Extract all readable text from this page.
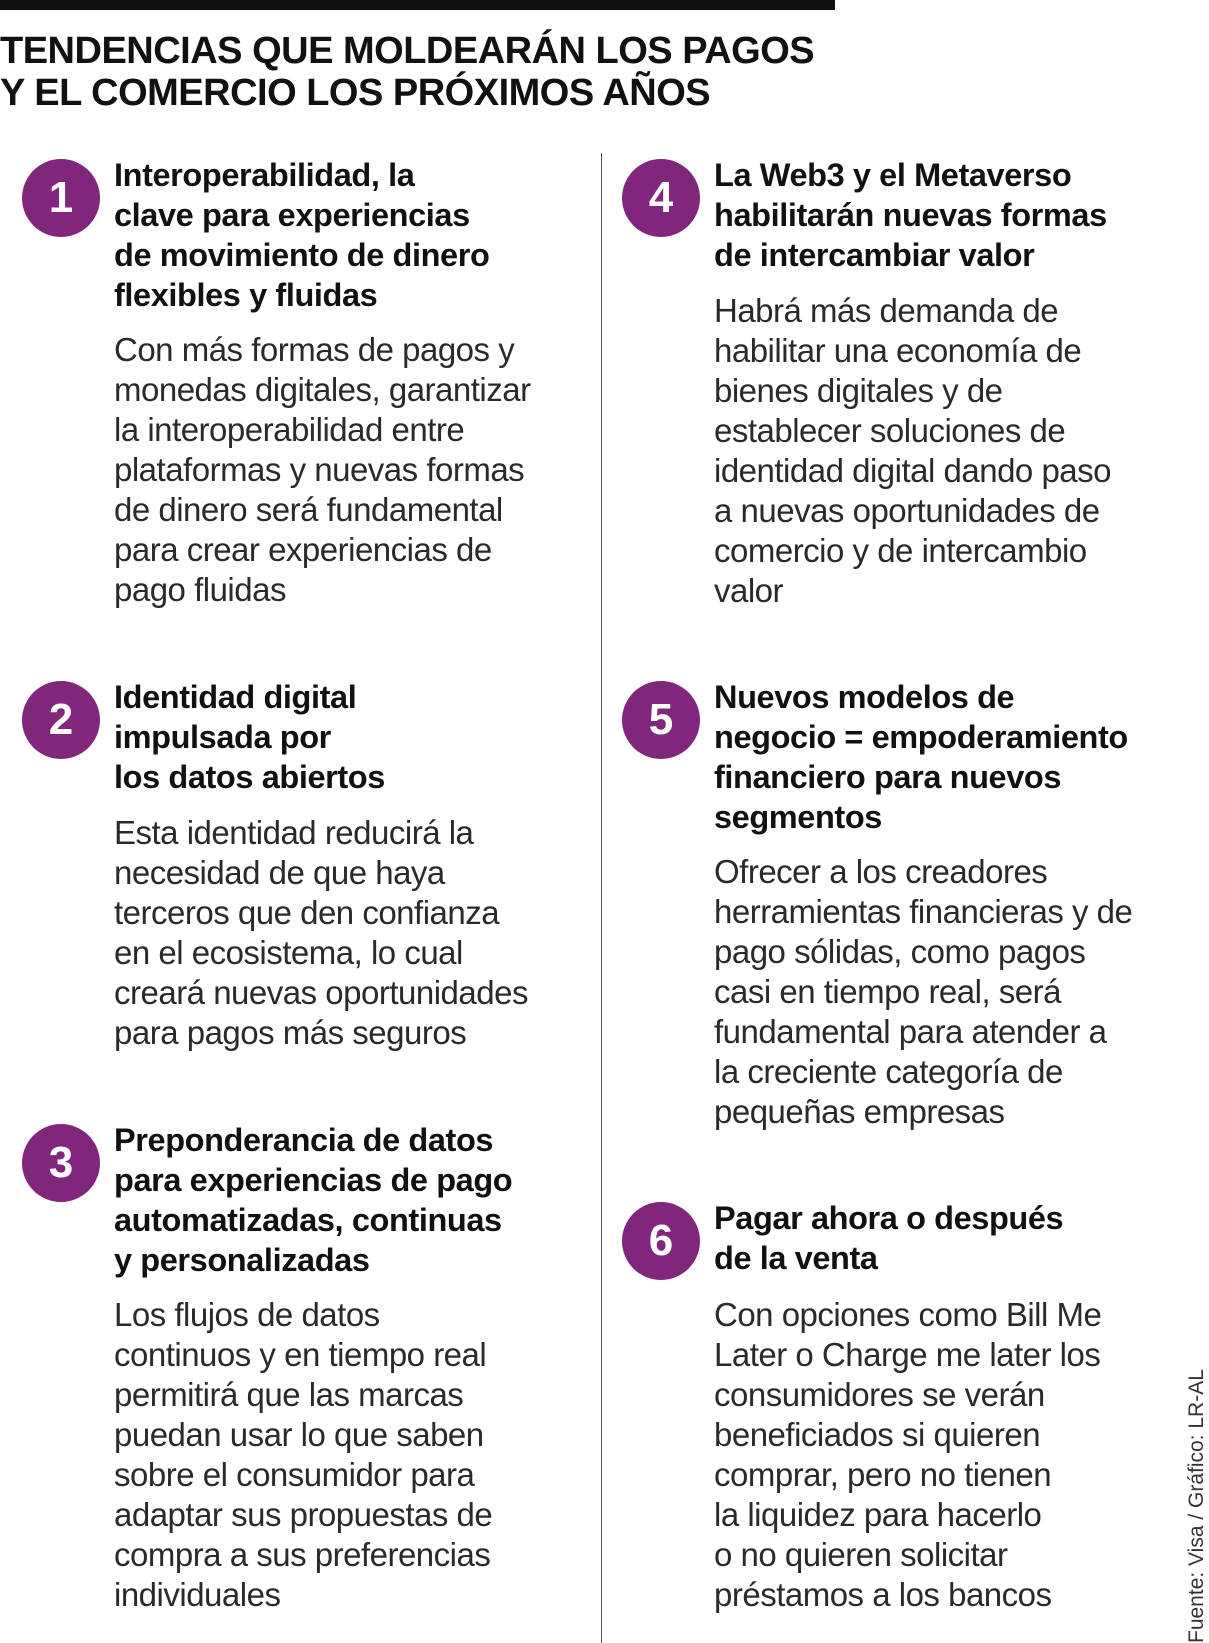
TENDENCIAS QUE MOLDEARÁN LOS PAGOS
Y EL COMERCIO LOS PRÓXIMOS AÑOS
1	Interoperabilidad, la
clave para experiencias
de movimiento de dinero
flexibles y fluidas

Con más formas de pagos y
monedas digitales, garantizar
la interoperabilidad entre
plataformas y nuevas formas
de dinero será fundamental
para crear experiencias de
pago fluidas

2	Identidad digital
impulsada por
los datos abiertos

Esta identidad reducirá la
necesidad de que haya
terceros que den confianza
en el ecosistema, lo cual
creará nuevas oportunidades
para pagos más seguros

3	Preponderancia de datos
para experiencias de pago
automatizadas, continuas
y personalizadas

Los flujos de datos
continuos y en tiempo real
permitirá que las marcas
puedan usar lo que saben
sobre el consumidor para
adaptar sus propuestas de
compra a sus preferencias
individuales

4	La Web3 y el Metaverso
habilitarán nuevas formas
de intercambiar valor

Habrá más demanda de
habilitar una economía de
bienes digitales y de
establecer soluciones de
identidad digital dando paso
a nuevas oportunidades de
comercio y de intercambio
valor

5	Nuevos modelos de
negocio = empoderamiento
financiero para nuevos
segmentos

Ofrecer a los creadores
herramientas financieras y de
pago sólidas, como pagos
casi en tiempo real, será
fundamental para atender a
la creciente categoría de
pequeñas empresas

6	Pagar ahora o después
de la venta

Con opciones como Bill Me
Later o Charge me later los
consumidores se verán
beneficiados si quieren
comprar, pero no tienen
la liquidez para hacerlo
o no quieren solicitar
préstamos a los bancos	Fuente: Visa / Gráfico: LR-AL
